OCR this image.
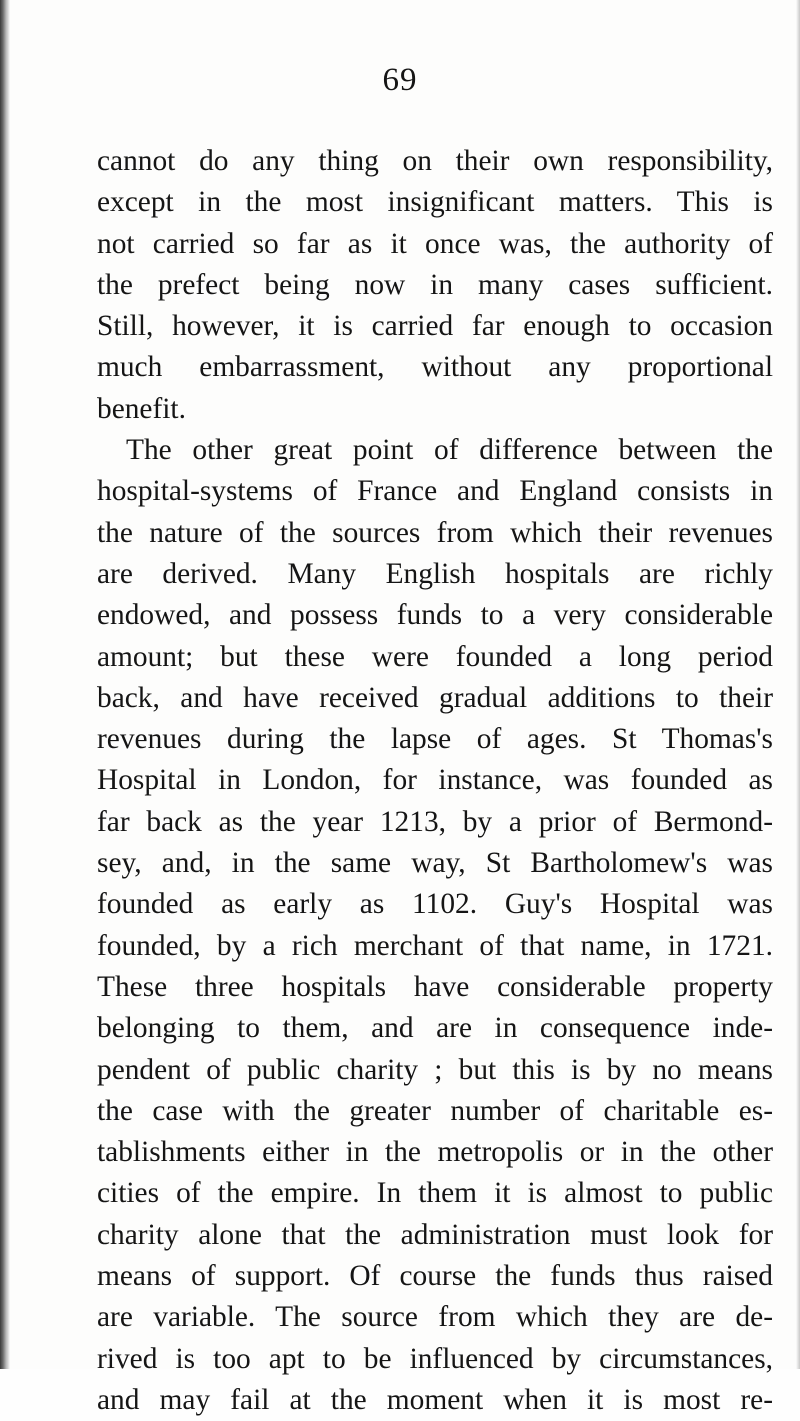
69
cannot do any thing on their own responsibility,
except in the most insignificant matters. This is
not carried so far as it once was, the authority of
the prefect being now in many cases sufficient.
Still, however, it is carried far enough to occasion
much embarrassment, without any proportional
benefit.
The other great point of difference between the
hospital-systems of France and England consists in
the nature of the sources from which their revenues
are derived. Many English hospitals are richly
endowed, and possess funds to a very considerable
amount; but these were founded a long period
back, and have received gradual additions to their
revenues during the lapse of ages. St Thomas's
Hospital in London, for instance, was founded as
far back as the year 1213, by a prior of Bermond-
sey, and, in the same way, St Bartholomew's was
founded as early as 1102. Guy's Hospital was
founded, by a rich merchant of that name, in 1721.
These three hospitals have considerable property
belonging to them, and are in consequence inde-
pendent of public charity ; but this is by no means
the case with the greater number of charitable es-
tablishments either in the metropolis or in the other
cities of the empire. In them it is almost to public
charity alone that the administration must look for
means of support. Of course the funds thus raised
are variable. The source from which they are de-
rived is too apt to be influenced by circumstances,
and may fail at the moment when it is most re-
